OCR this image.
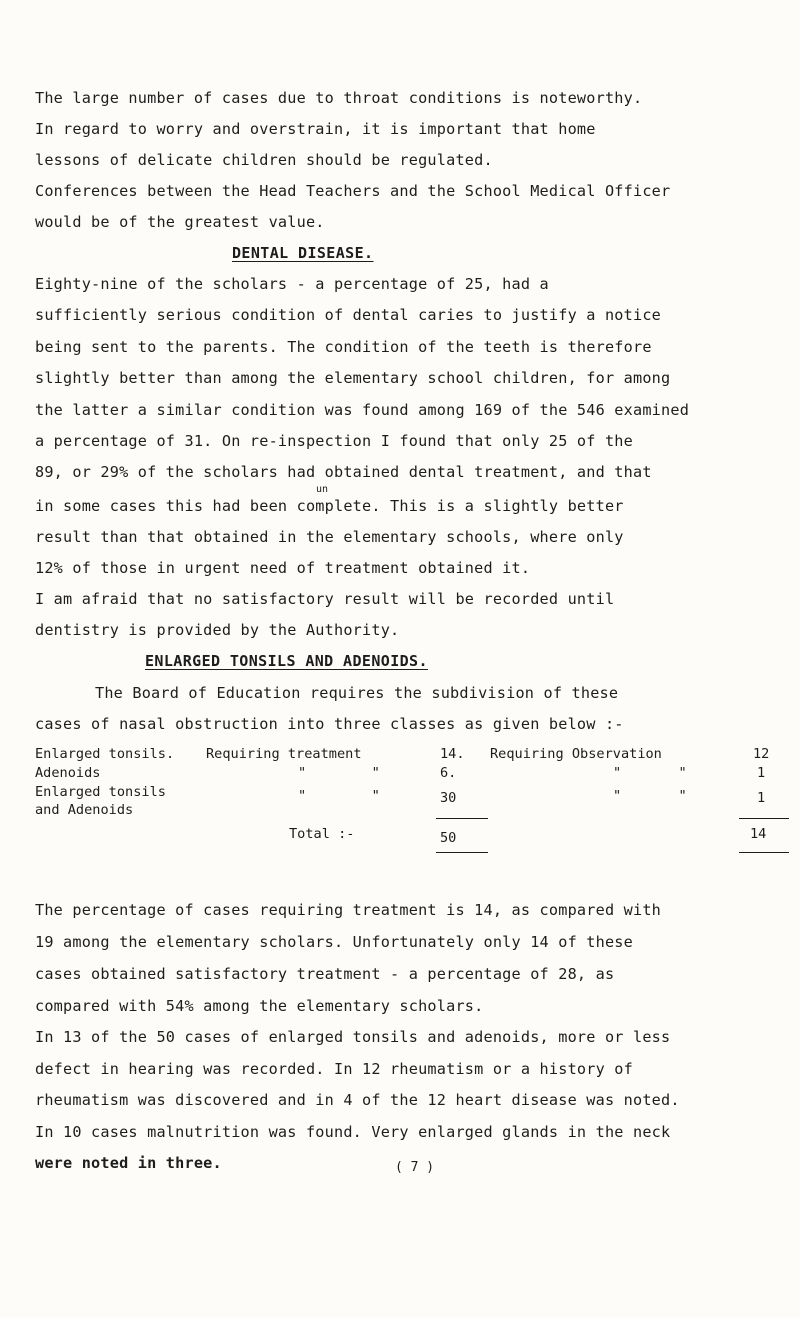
The large number of cases due to throat conditions is noteworthy.
In regard to worry and overstrain, it is important that home
lessons of delicate children should be regulated.
Conferences between the Head Teachers and the School Medical Officer
would be of the greatest value.
DENTAL DISEASE.
Eighty-nine of the scholars - a percentage of 25, had a
sufficiently serious condition of dental caries to justify a notice
being sent to the parents. The condition of the teeth is therefore
slightly better than among the elementary school children, for among
the latter a similar condition was found among 169 of the 546 examined
a percentage of 31. On re-inspection I found that only 25 of the
89, or 29% of the scholars had obtained dental treatment, and that
un
in some cases this had been complete. This is a slightly better
result than that obtained in the elementary schools, where only
12% of those in urgent need of treatment obtained it.
I am afraid that no satisfactory result will be recorded until
dentistry is provided by the Authority.
ENLARGED TONSILS AND ADENOIDS.
The Board of Education requires the subdivision of these
cases of nasal obstruction into three classes as given below :-
Enlarged tonsils. Requiring treatment	14. Requiring Observation	12
Adenoids	"        "	6.	"       "	1
Enlarged tonsils
and Adenoids
"        "	30	"       "	1
Total :-	50	14
The percentage of cases requiring treatment is 14, as compared with
19 among the elementary scholars. Unfortunately only 14 of these
cases obtained satisfactory treatment - a percentage of 28, as
compared with 54% among the elementary scholars.
In 13 of the 50 cases of enlarged tonsils and adenoids, more or less
defect in hearing was recorded. In 12 rheumatism or a history of
rheumatism was discovered and in 4 of the 12 heart disease was noted.
In 10 cases malnutrition was found. Very enlarged glands in the neck
were noted in three.	( 7 )
